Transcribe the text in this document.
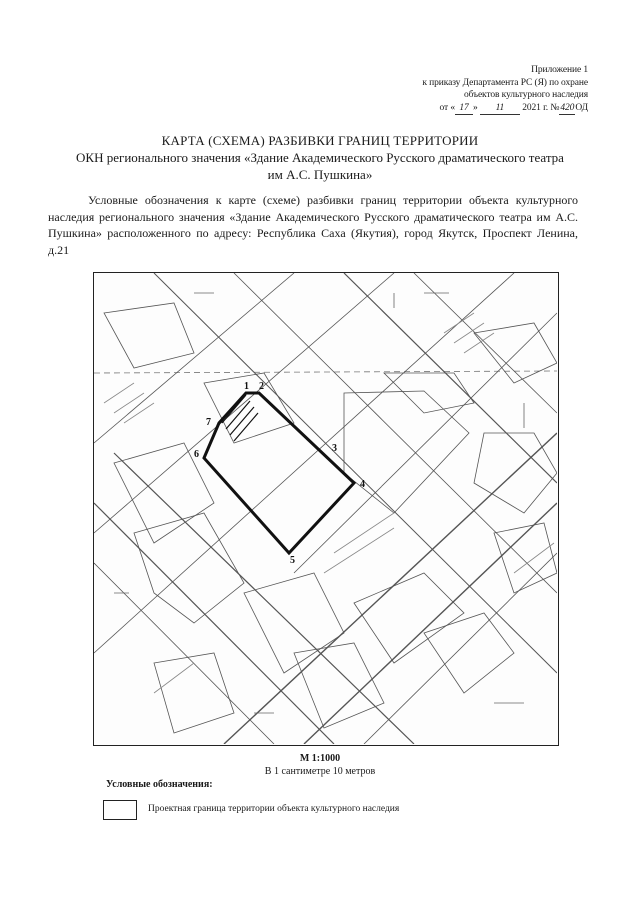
Приложение 1
к приказу Департамента РС (Я) по охране
объектов культурного наследия
от « 17 » 11 2021 г. №420ОД
КАРТА (СХЕМА) РАЗБИВКИ ГРАНИЦ ТЕРРИТОРИИ
ОКН регионального значения «Здание Академического Русского драматического театра
им А.С. Пушкина»
Условные обозначения к карте (схеме) разбивки границ территории объекта культурного наследия регионального значения «Здание Академического Русского драматического театра им А.С. Пушкина» расположенного по адресу: Республика Саха (Якутия), город Якутск, Проспект Ленина, д.21
1 2
3
4
5
6
7
М 1:1000
В 1 сантиметре 10 метров
Условные обозначения:
Проектная граница территории объекта культурного наследия
